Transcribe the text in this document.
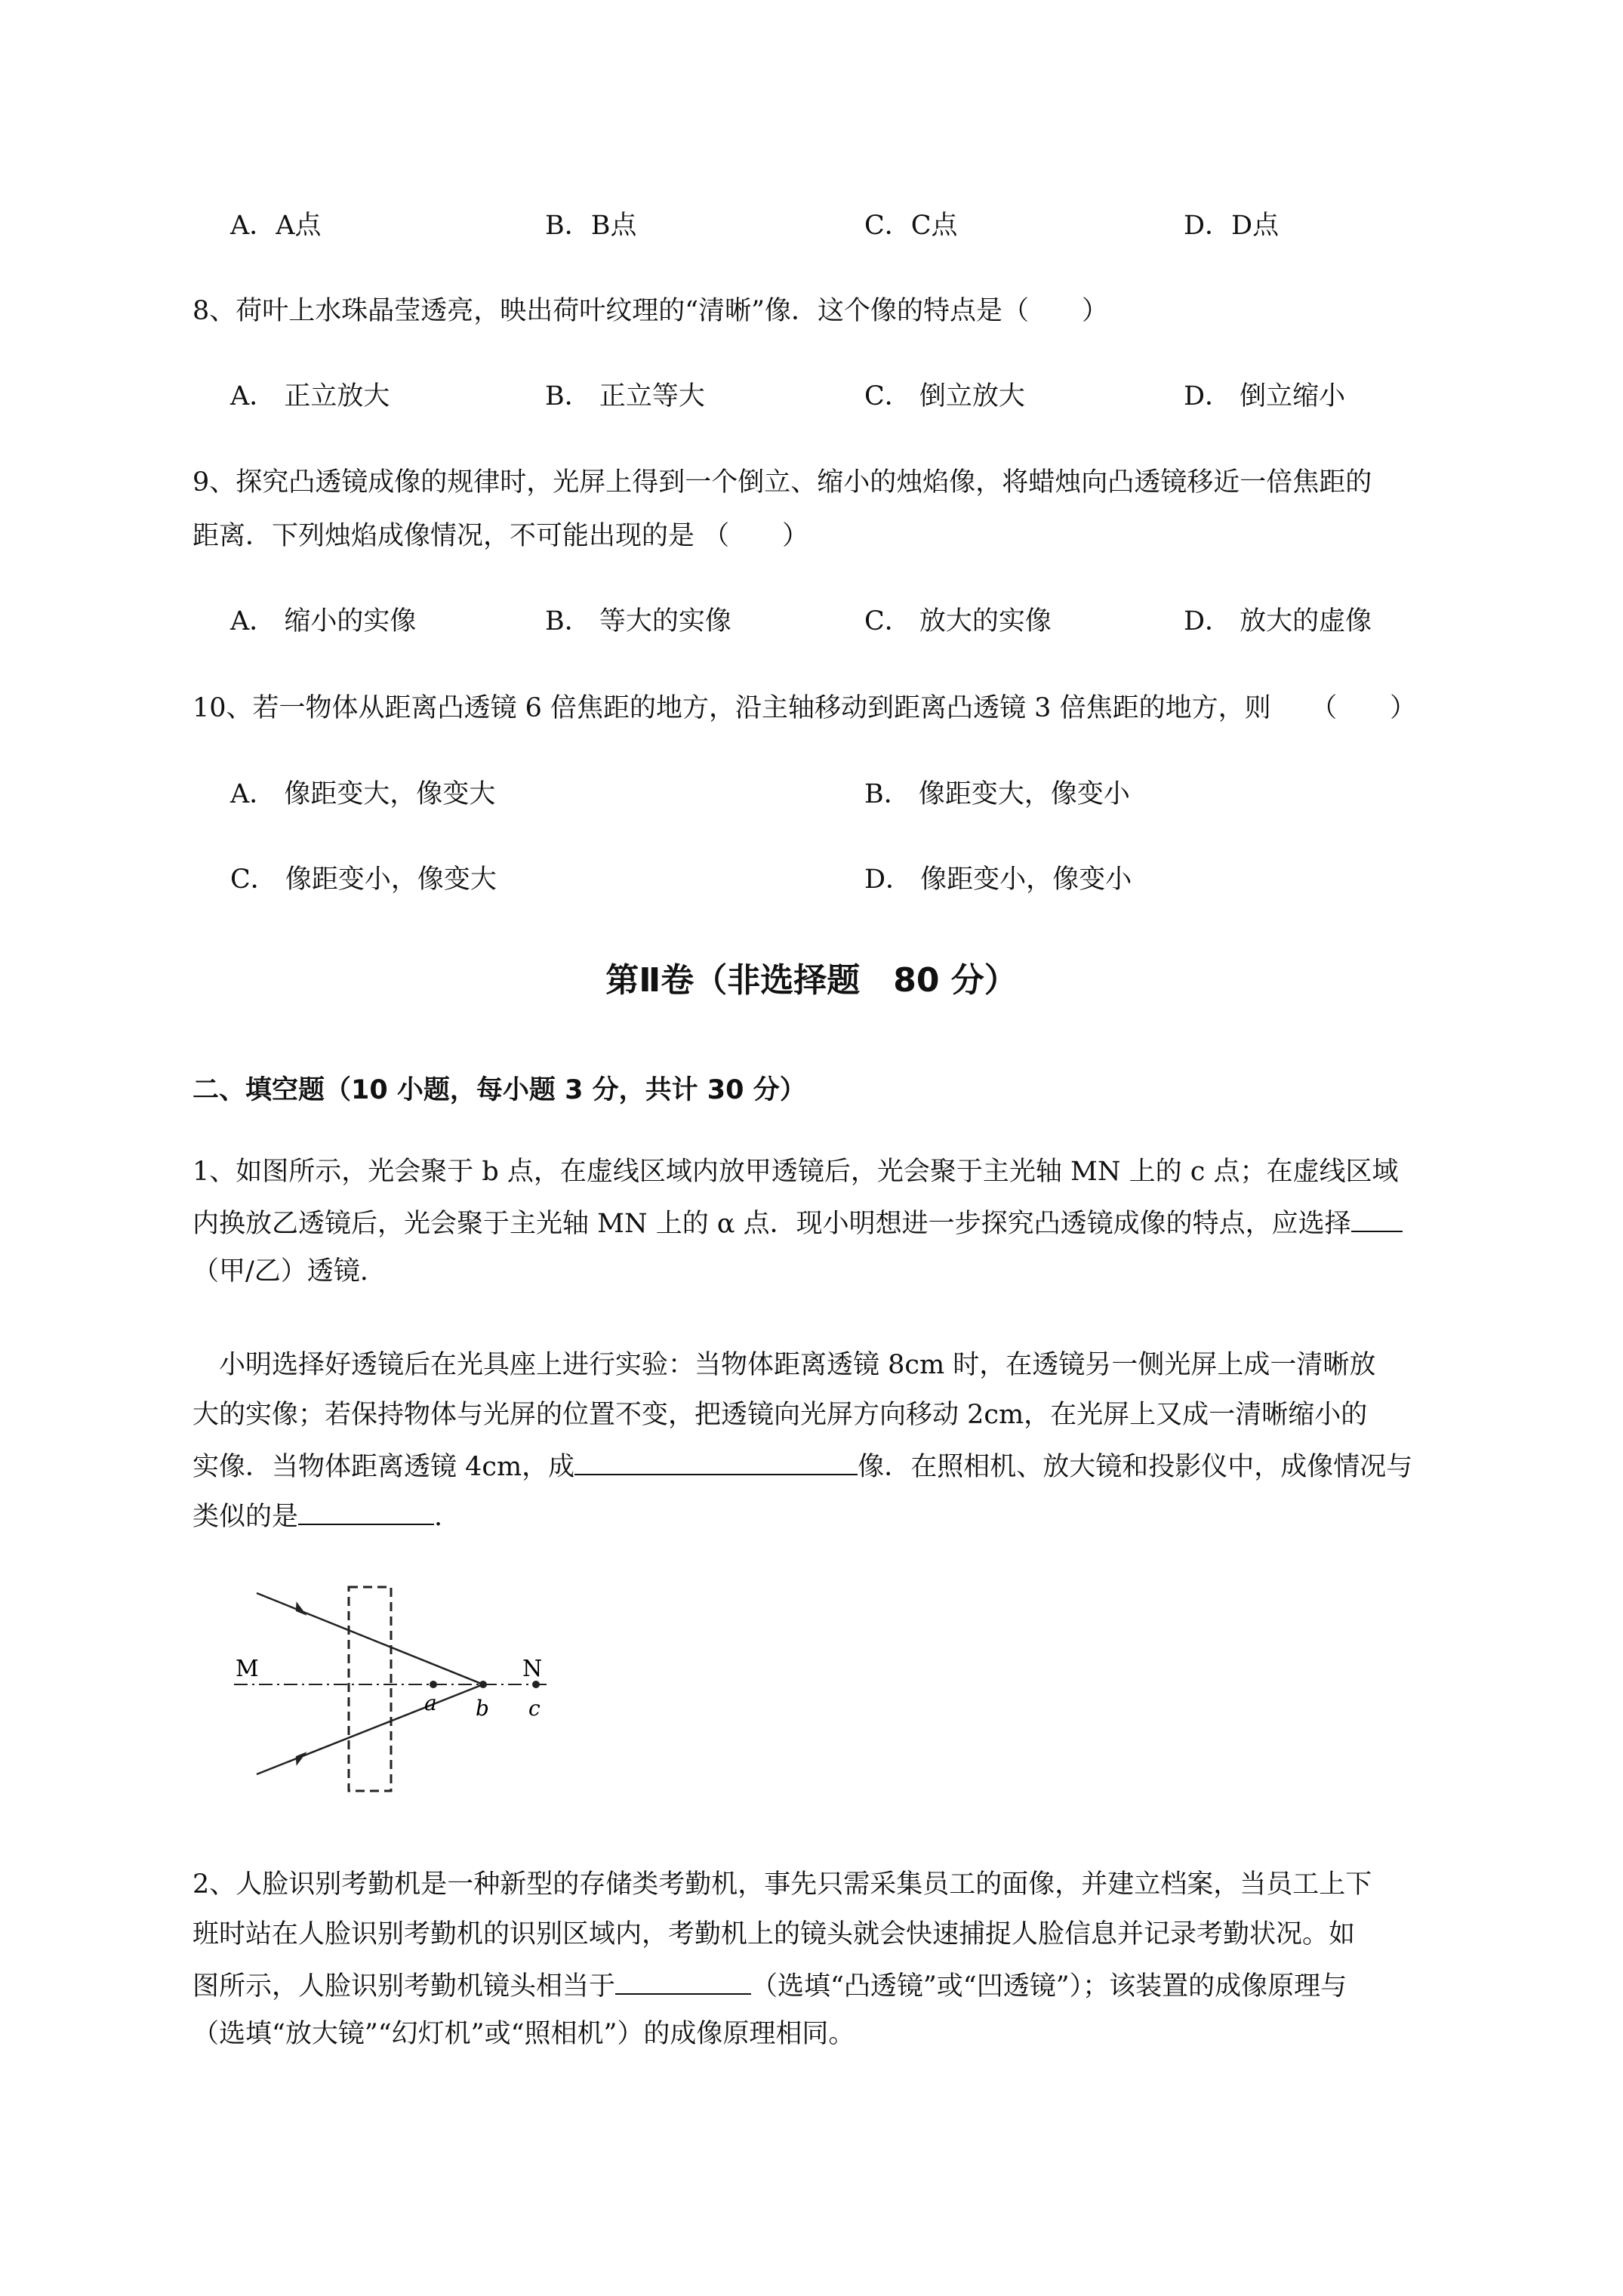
A．A点	B．B点	C．C点	D．D点
8、荷叶上水珠晶莹透亮，映出荷叶纹理的“清晰”像．这个像的特点是（　　）
A． 正立放大	B． 正立等大	C． 倒立放大	D． 倒立缩小
9、探究凸透镜成像的规律时，光屏上得到一个倒立、缩小的烛焰像，将蜡烛向凸透镜移近一倍焦距的
距离．下列烛焰成像情况，不可能出现的是 （　　）
A． 缩小的实像	B． 等大的实像	C． 放大的实像	D． 放大的虚像
10、若一物体从距离凸透镜 6 倍焦距的地方，沿主轴移动到距离凸透镜 3 倍焦距的地方，则　　（　　）
A． 像距变大，像变大	B． 像距变大，像变小
C． 像距变小，像变大	D． 像距变小，像变小
第Ⅱ卷（非选择题　80 分）
二、填空题（10 小题，每小题 3 分，共计 30 分）
1、如图所示，光会聚于 b 点，在虚线区域内放甲透镜后，光会聚于主光轴 MN 上的 c 点；在虚线区域
内换放乙透镜后，光会聚于主光轴 MN 上的 α 点．现小明想进一步探究凸透镜成像的特点，应选择
（甲/乙）透镜.
小明选择好透镜后在光具座上进行实验：当物体距离透镜 8cm 时，在透镜另一侧光屏上成一清晰放
大的实像；若保持物体与光屏的位置不变，把透镜向光屏方向移动 2cm，在光屏上又成一清晰缩小的
实像．当物体距离透镜 4cm，成	像．在照相机、放大镜和投影仪中，成像情况与
类似的是	.
M	N
a b c
2、人脸识别考勤机是一种新型的存储类考勤机，事先只需采集员工的面像，并建立档案，当员工上下
班时站在人脸识别考勤机的识别区域内，考勤机上的镜头就会快速捕捉人脸信息并记录考勤状况。如
图所示，人脸识别考勤机镜头相当于	（选填“凸透镜”或“凹透镜”）；该装置的成像原理与
（选填“放大镜”“幻灯机”或“照相机”）的成像原理相同。
